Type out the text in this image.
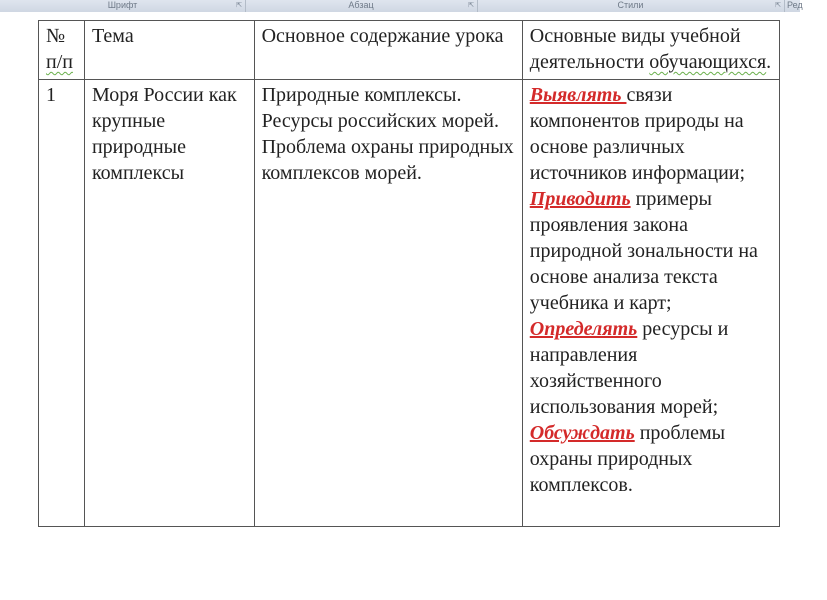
Шрифт	⇱	Абзац	⇱	Стили	⇱ Ред
№
п/п	Тема	Основное содержание урока	Основные виды учебной деятельности обучающихся.
1	Моря России как крупные природные комплексы	Природные комплексы. Ресурсы российских морей. Проблема охраны природных комплексов морей.	Выявлять связи компонентов природы на основе различных источников информации; Приводить примеры проявления закона природной зональности на основе анализа текста учебника и карт; Определять ресурсы и направления хозяйственного использования морей; Обсуждать проблемы охраны природных комплексов.
